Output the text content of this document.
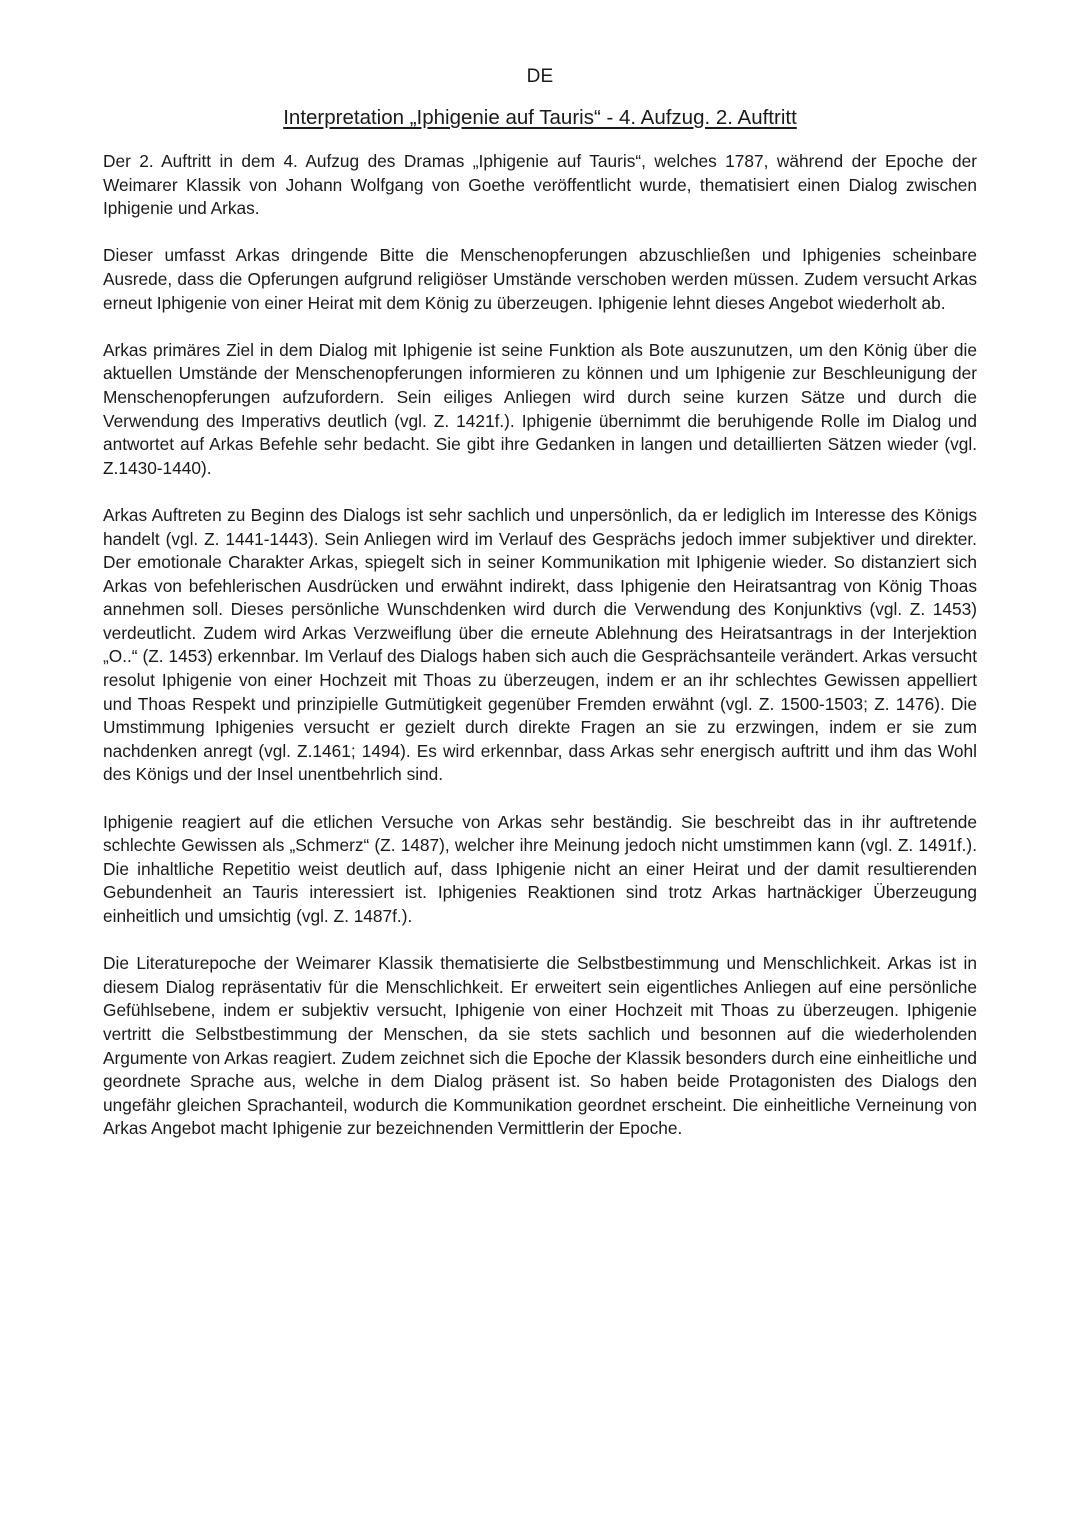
DE
Interpretation „Iphigenie auf Tauris“ - 4. Aufzug. 2. Auftritt

Der 2. Auftritt in dem 4. Aufzug des Dramas „Iphigenie auf Tauris“, welches 1787, während der Epoche der Weimarer Klassik von Johann Wolfgang von Goethe veröffentlicht wurde, thematisiert einen Dialog zwischen Iphigenie und Arkas.

Dieser umfasst Arkas dringende Bitte die Menschenopferungen abzuschließen und Iphigenies scheinbare Ausrede, dass die Opferungen aufgrund religiöser Umstände verschoben werden müssen. Zudem versucht Arkas erneut Iphigenie von einer Heirat mit dem König zu überzeugen. Iphigenie lehnt dieses Angebot wiederholt ab.

Arkas primäres Ziel in dem Dialog mit Iphigenie ist seine Funktion als Bote auszunutzen, um den König über die aktuellen Umstände der Menschenopferungen informieren zu können und um Iphigenie zur Beschleunigung der Menschenopferungen aufzufordern. Sein eiliges Anliegen wird durch seine kurzen Sätze und durch die Verwendung des Imperativs deutlich (vgl. Z. 1421f.). Iphigenie übernimmt die beruhigende Rolle im Dialog und antwortet auf Arkas Befehle sehr bedacht. Sie gibt ihre Gedanken in langen und detaillierten Sätzen wieder (vgl. Z.1430-1440).

Arkas Auftreten zu Beginn des Dialogs ist sehr sachlich und unpersönlich, da er lediglich im Interesse des Königs handelt (vgl. Z. 1441-1443). Sein Anliegen wird im Verlauf des Gesprächs jedoch immer subjektiver und direkter. Der emotionale Charakter Arkas, spiegelt sich in seiner Kommunikation mit Iphigenie wieder. So distanziert sich Arkas von befehlerischen Ausdrücken und erwähnt indirekt, dass Iphigenie den Heiratsantrag von König Thoas annehmen soll. Dieses persönliche Wunschdenken wird durch die Verwendung des Konjunktivs (vgl. Z. 1453) verdeutlicht. Zudem wird Arkas Verzweiflung über die erneute Ablehnung des Heiratsantrags in der Interjektion „O..“ (Z. 1453) erkennbar. Im Verlauf des Dialogs haben sich auch die Gesprächsanteile verändert. Arkas versucht resolut Iphigenie von einer Hochzeit mit Thoas zu überzeugen, indem er an ihr schlechtes Gewissen appelliert und Thoas Respekt und prinzipielle Gutmütigkeit gegenüber Fremden erwähnt (vgl. Z. 1500-1503; Z. 1476). Die Umstimmung Iphigenies versucht er gezielt durch direkte Fragen an sie zu erzwingen, indem er sie zum nachdenken anregt (vgl. Z.1461; 1494). Es wird erkennbar, dass Arkas sehr energisch auftritt und ihm das Wohl des Königs und der Insel unentbehrlich sind.

Iphigenie reagiert auf die etlichen Versuche von Arkas sehr beständig. Sie beschreibt das in ihr auftretende schlechte Gewissen als „Schmerz“ (Z. 1487), welcher ihre Meinung jedoch nicht umstimmen kann (vgl. Z. 1491f.). Die inhaltliche Repetitio weist deutlich auf, dass Iphigenie nicht an einer Heirat und der damit resultierenden Gebundenheit an Tauris interessiert ist. Iphigenies Reaktionen sind trotz Arkas hartnäckiger Überzeugung einheitlich und umsichtig (vgl. Z. 1487f.).

Die Literaturepoche der Weimarer Klassik thematisierte die Selbstbestimmung und Menschlichkeit. Arkas ist in diesem Dialog repräsentativ für die Menschlichkeit. Er erweitert sein eigentliches Anliegen auf eine persönliche Gefühlsebene, indem er subjektiv versucht, Iphigenie von einer Hochzeit mit Thoas zu überzeugen. Iphigenie vertritt die Selbstbestimmung der Menschen, da sie stets sachlich und besonnen auf die wiederholenden Argumente von Arkas reagiert. Zudem zeichnet sich die Epoche der Klassik besonders durch eine einheitliche und geordnete Sprache aus, welche in dem Dialog präsent ist. So haben beide Protagonisten des Dialogs den ungefähr gleichen Sprachanteil, wodurch die Kommunikation geordnet erscheint. Die einheitliche Verneinung von Arkas Angebot macht Iphigenie zur bezeichnenden Vermittlerin der Epoche.
